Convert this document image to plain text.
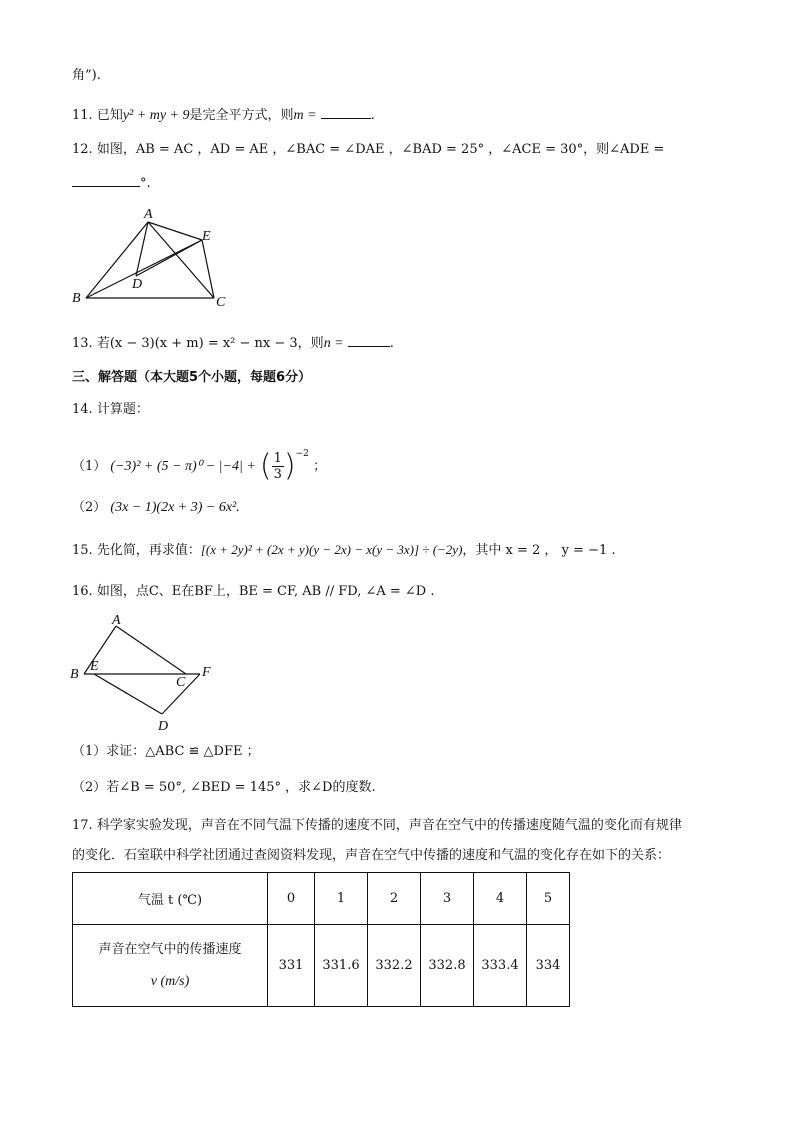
角”).
11. 已知y² + my + 9是完全平方式，则m =	.
12. 如图，AB = AC ，AD = AE ，∠BAC = ∠DAE ，∠BAD = 25° ，∠ACE = 30°，则∠ADE =
°.
A
E
D
B	C
13. 若(x − 3)(x + m) = x² − nx − 3，则n =	.
三、解答题（本大题5个小题，每题6分）
14. 计算题：
（1） (−3)² + (5 − π)⁰ − |−4| + ( $\frac{1}{3} )^{-2}$ ；
（2） (3x − 1)(2x + 3) − 6x².
15. 先化简，再求值：[(x + 2y)² + (2x + y)(y − 2x) − x(y − 3x)] ÷ (−2y)，其中 x = 2 ， y = −1 .
16. 如图，点C、E在BF上，BE = CF, AB // FD, ∠A = ∠D .
A
B
E
C
F
D
（1）求证：△ABC ≌ △DFE ；
（2）若∠B = 50°, ∠BED = 145° ，求∠D的度数.
17. 科学家实验发现，声音在不同气温下传播的速度不同，声音在空气中的传播速度随气温的变化而有规律
的变化．石室联中科学社团通过查阅资料发现，声音在空气中传播的速度和气温的变化存在如下的关系：
气温 t (℃)	0	1	2	3	4	5

声音在空气中的传播速度
v (m/s)	331	331.6	332.2	332.8	333.4	334
